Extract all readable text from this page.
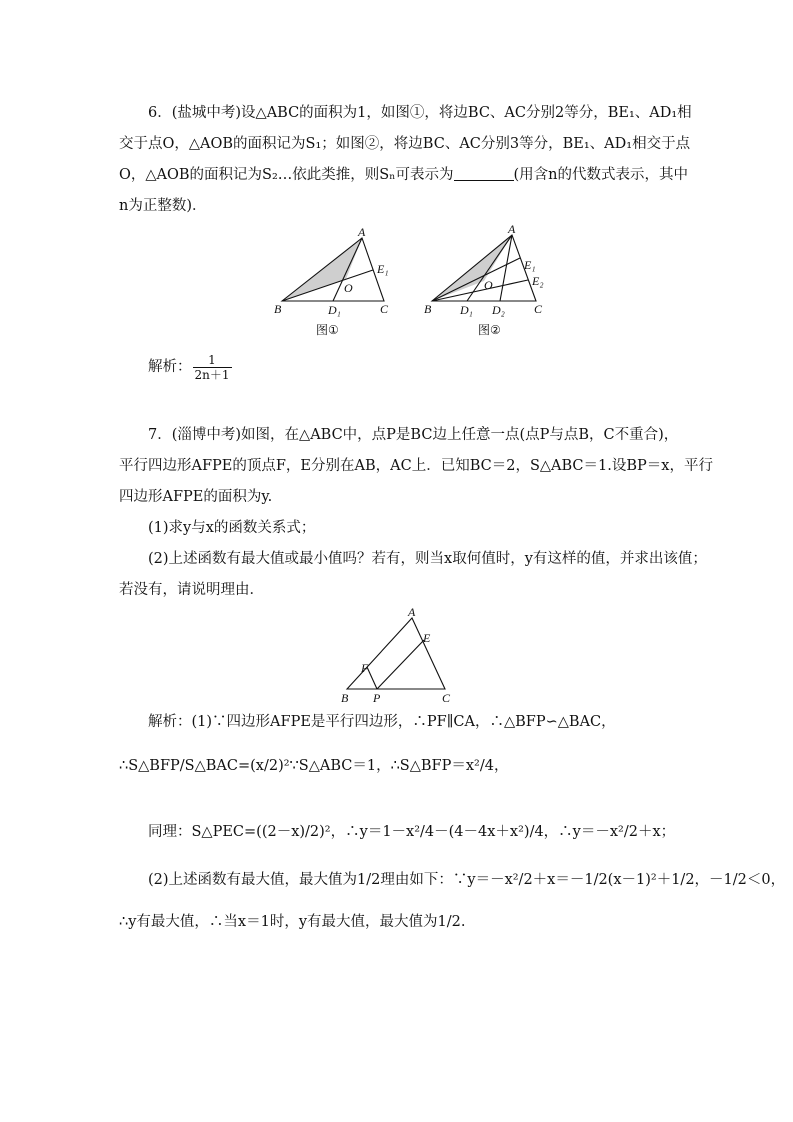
6．(盐城中考)设△ABC的面积为1，如图①，将边BC、AC分别2等分，BE₁、AD₁相
交于点O，△AOB的面积记为S₁；如图②，将边BC、AC分别3等分，BE₁、AD₁相交于点
O，△AOB的面积记为S₂…依此类推，则Sₙ可表示为	(用含n的代数式表示，其中
n为正整数)．
A
B	C
O
D₁
E₁
图①
A
B	C
O
D₁ D₂
E₁
E₂
图②
解析： $\frac{1}{2n+1}$
7．(淄博中考)如图，在△ABC中，点P是BC边上任意一点(点P与点B，C不重合)，
平行四边形AFPE的顶点F，E分别在AB，AC上．已知BC＝2，S△ABC＝1.设BP＝x，平行
四边形AFPE的面积为y.
(1)求y与x的函数关系式；
(2)上述函数有最大值或最小值吗？若有，则当x取何值时，y有这样的值，并求出该值；
若没有，请说明理由．
A
B	C
E
F
P
解析：(1)∵四边形AFPE是平行四边形，∴PF∥CA，∴△BFP∽△BAC，
∴S△BFP/S△BAC=(x/2)²∵S△ABC＝1，∴S△BFP＝x²/4，
同理：S△PEC=((2－x)/2)²，∴y＝1－x²/4－(4－4x＋x²)/4，∴y＝－x²/2＋x；
(2)上述函数有最大值，最大值为1/2理由如下：∵y＝－x²/2＋x＝－1/2(x－1)²＋1/2，－1/2＜0，
∴y有最大值，∴当x＝1时，y有最大值，最大值为1/2.
